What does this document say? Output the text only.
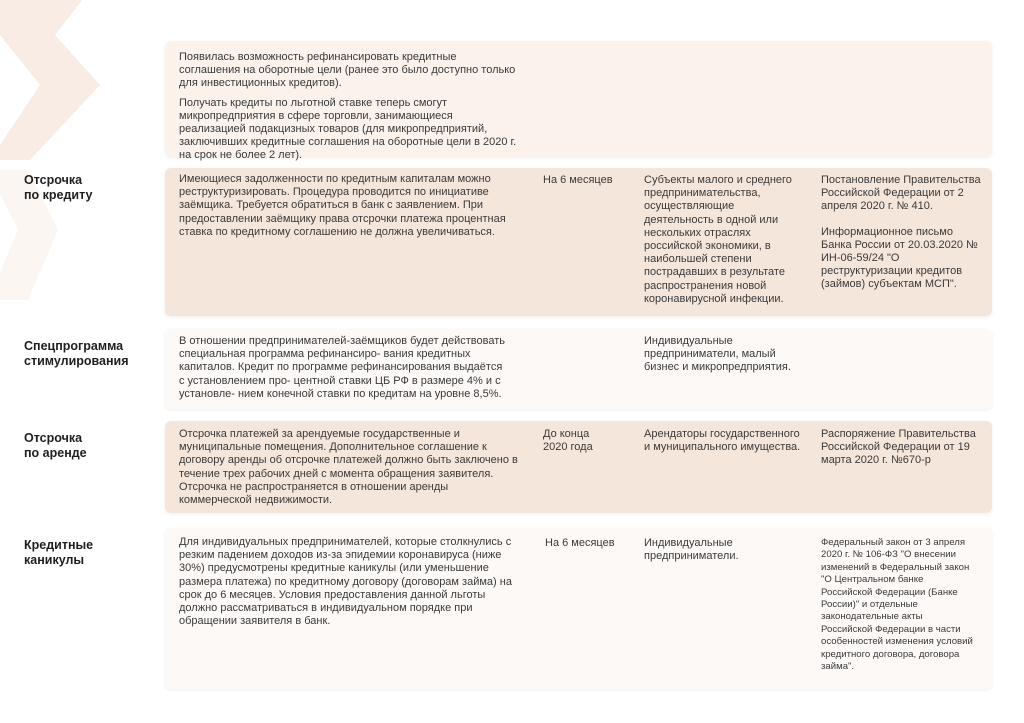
Появилась возможность рефинансировать кредитные соглашения на оборотные цели (ранее это было доступно только для инвестиционных кредитов).

Получать кредиты по льготной ставке теперь смогут микропредприятия в сфере торговли, занимающиеся реализацией подакцизных товаров (для микропредприятий, заключивших кредитные соглашения на оборотные цели в 2020 г. на срок не более 2 лет).

Отсрочка
по кредиту

Имеющиеся задолженности по кредитным капиталам можно реструктуризировать. Процедура проводится по инициативе заёмщика. Требуется обратиться в банк с заявлением. При предоставлении заёмщику права отсрочки платежа процентная ставка по кредитному соглашению не должна увеличиваться.

На 6 месяцев	Субъекты малого и среднего предпринимательства, осуществляющие деятельность в одной или нескольких отраслях российской экономики, в наибольшей степени пострадавших в результате распространения новой коронавирусной инфекции.

Постановление Правительства Российской Федерации от 2 апреля 2020 г. № 410.

Информационное письмо Банка России от 20.03.2020 № ИН-06-59/24 "О реструктуризации кредитов (займов) субъектам МСП".

Спецпрограмма
стимулирования

В отношении предпринимателей-заёмщиков будет действовать специальная программа рефинансиро- вания кредитных капиталов. Кредит по программе рефинансирования выдаётся с установлением про- центной ставки ЦБ РФ в размере 4% и с установле- нием конечной ставки по кредитам на уровне 8,5%.

Индивидуальные предприниматели, малый бизнес и микропредприятия.
Отсрочка
по аренде

Отсрочка платежей за арендуемые государственные и муниципальные помещения. Дополнительное соглашение к договору аренды об отсрочке платежей должно быть заключено в течение трех рабочих дней с момента обращения заявителя.

Отсрочка не распространяется в отношении аренды коммерческой недвижимости.

До конца 2020 года
Арендаторы государственного и муниципального имущества.

Распоряжение Правительства Российской Федерации от 19 марта 2020 г. №670-р

Кредитные
каникулы

Для индивидуальных предпринимателей, которые столкнулись с резким падением доходов из-за эпидемии коронавируса (ниже 30%) предусмотрены кредитные каникулы (или уменьшение размера платежа) по кредитному договору (договорам займа) на срок до 6 месяцев. Условия предоставления данной льготы должно рассматриваться в индивидуальном порядке при обращении заявителя в банк.

На 6 месяцев	Индивидуальные предприниматели.

Федеральный закон от 3 апреля 2020 г. № 106-ФЗ "О внесении изменений в Федеральный закон "О Центральном банке Российской Федерации (Банке России)" и отдельные законодательные акты Российской Федерации в части особенностей изменения условий кредитного договора, договора займа".
